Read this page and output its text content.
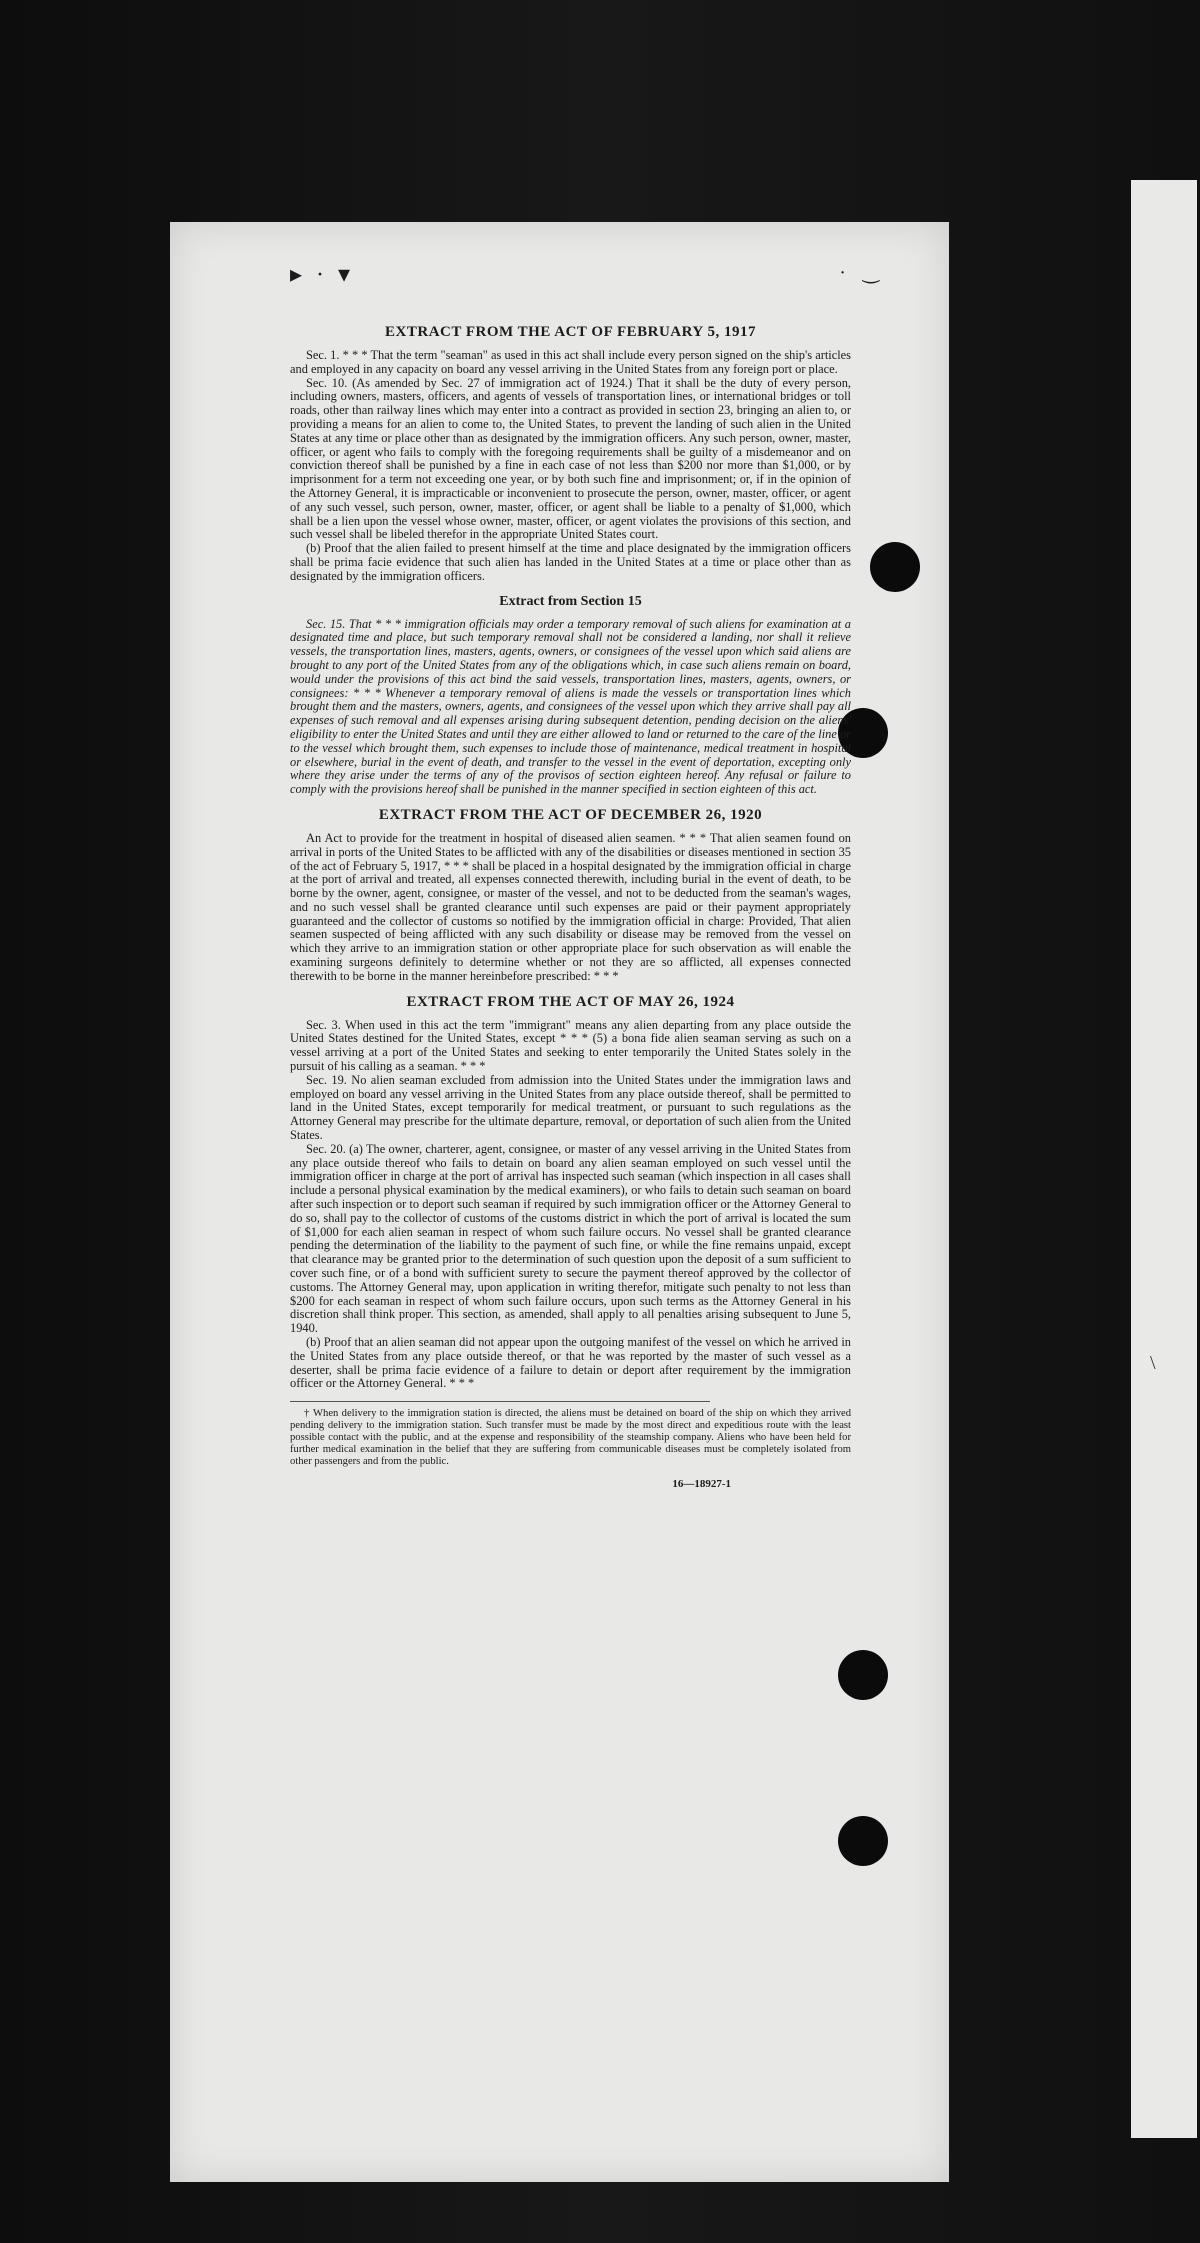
\
▸ · ▾	· ‿
EXTRACT FROM THE ACT OF FEBRUARY 5, 1917

Sec. 1. * * * That the term "seaman" as used in this act shall include every person signed on the ship's articles and employed in any capacity on board any vessel arriving in the United States from any foreign port or place.

Sec. 10. (As amended by Sec. 27 of immigration act of 1924.) That it shall be the duty of every person, including owners, masters, officers, and agents of vessels of transportation lines, or international bridges or toll roads, other than railway lines which may enter into a contract as provided in section 23, bringing an alien to, or providing a means for an alien to come to, the United States, to prevent the landing of such alien in the United States at any time or place other than as designated by the immigration officers. Any such person, owner, master, officer, or agent who fails to comply with the foregoing requirements shall be guilty of a misdemeanor and on conviction thereof shall be punished by a fine in each case of not less than $200 nor more than $1,000, or by imprisonment for a term not exceeding one year, or by both such fine and imprisonment; or, if in the opinion of the Attorney General, it is impracticable or inconvenient to prosecute the person, owner, master, officer, or agent of any such vessel, such person, owner, master, officer, or agent shall be liable to a penalty of $1,000, which shall be a lien upon the vessel whose owner, master, officer, or agent violates the provisions of this section, and such vessel shall be libeled therefor in the appropriate United States court.

(b) Proof that the alien failed to present himself at the time and place designated by the immigration officers shall be prima facie evidence that such alien has landed in the United States at a time or place other than as designated by the immigration officers.

Extract from Section 15

Sec. 15. That * * * immigration officials may order a temporary removal of such aliens for examination at a designated time and place, but such temporary removal shall not be considered a landing, nor shall it relieve vessels, the transportation lines, masters, agents, owners, or consignees of the vessel upon which said aliens are brought to any port of the United States from any of the obligations which, in case such aliens remain on board, would under the provisions of this act bind the said vessels, transportation lines, masters, agents, owners, or consignees: * * * Whenever a temporary removal of aliens is made the vessels or transportation lines which brought them and the masters, owners, agents, and consignees of the vessel upon which they arrive shall pay all expenses of such removal and all expenses arising during subsequent detention, pending decision on the aliens' eligibility to enter the United States and until they are either allowed to land or returned to the care of the line or to the vessel which brought them, such expenses to include those of maintenance, medical treatment in hospital or elsewhere, burial in the event of death, and transfer to the vessel in the event of deportation, excepting only where they arise under the terms of any of the provisos of section eighteen hereof. Any refusal or failure to comply with the provisions hereof shall be punished in the manner specified in section eighteen of this act.

EXTRACT FROM THE ACT OF DECEMBER 26, 1920

An Act to provide for the treatment in hospital of diseased alien seamen. * * * That alien seamen found on arrival in ports of the United States to be afflicted with any of the disabilities or diseases mentioned in section 35 of the act of February 5, 1917, * * * shall be placed in a hospital designated by the immigration official in charge at the port of arrival and treated, all expenses connected therewith, including burial in the event of death, to be borne by the owner, agent, consignee, or master of the vessel, and not to be deducted from the seaman's wages, and no such vessel shall be granted clearance until such expenses are paid or their payment appropriately guaranteed and the collector of customs so notified by the immigration official in charge: Provided, That alien seamen suspected of being afflicted with any such disability or disease may be removed from the vessel on which they arrive to an immigration station or other appropriate place for such observation as will enable the examining surgeons definitely to determine whether or not they are so afflicted, all expenses connected therewith to be borne in the manner hereinbefore prescribed: * * *

EXTRACT FROM THE ACT OF MAY 26, 1924

Sec. 3. When used in this act the term "immigrant" means any alien departing from any place outside the United States destined for the United States, except * * * (5) a bona fide alien seaman serving as such on a vessel arriving at a port of the United States and seeking to enter temporarily the United States solely in the pursuit of his calling as a seaman. * * *

Sec. 19. No alien seaman excluded from admission into the United States under the immigration laws and employed on board any vessel arriving in the United States from any place outside thereof, shall be permitted to land in the United States, except temporarily for medical treatment, or pursuant to such regulations as the Attorney General may prescribe for the ultimate departure, removal, or deportation of such alien from the United States.

Sec. 20. (a) The owner, charterer, agent, consignee, or master of any vessel arriving in the United States from any place outside thereof who fails to detain on board any alien seaman employed on such vessel until the immigration officer in charge at the port of arrival has inspected such seaman (which inspection in all cases shall include a personal physical examination by the medical examiners), or who fails to detain such seaman on board after such inspection or to deport such seaman if required by such immigration officer or the Attorney General to do so, shall pay to the collector of customs of the customs district in which the port of arrival is located the sum of $1,000 for each alien seaman in respect of whom such failure occurs. No vessel shall be granted clearance pending the determination of the liability to the payment of such fine, or while the fine remains unpaid, except that clearance may be granted prior to the determination of such question upon the deposit of a sum sufficient to cover such fine, or of a bond with sufficient surety to secure the payment thereof approved by the collector of customs. The Attorney General may, upon application in writing therefor, mitigate such penalty to not less than $200 for each seaman in respect of whom such failure occurs, upon such terms as the Attorney General in his discretion shall think proper. This section, as amended, shall apply to all penalties arising subsequent to June 5, 1940.

(b) Proof that an alien seaman did not appear upon the outgoing manifest of the vessel on which he arrived in the United States from any place outside thereof, or that he was reported by the master of such vessel as a deserter, shall be prima facie evidence of a failure to detain or deport after requirement by the immigration officer or the Attorney General. * * *

† When delivery to the immigration station is directed, the aliens must be detained on board of the ship on which they arrived pending delivery to the immigration station. Such transfer must be made by the most direct and expeditious route with the least possible contact with the public, and at the expense and responsibility of the steamship company. Aliens who have been held for further medical examination in the belief that they are suffering from communicable diseases must be completely isolated from other passengers and from the public.

16—18927-1
